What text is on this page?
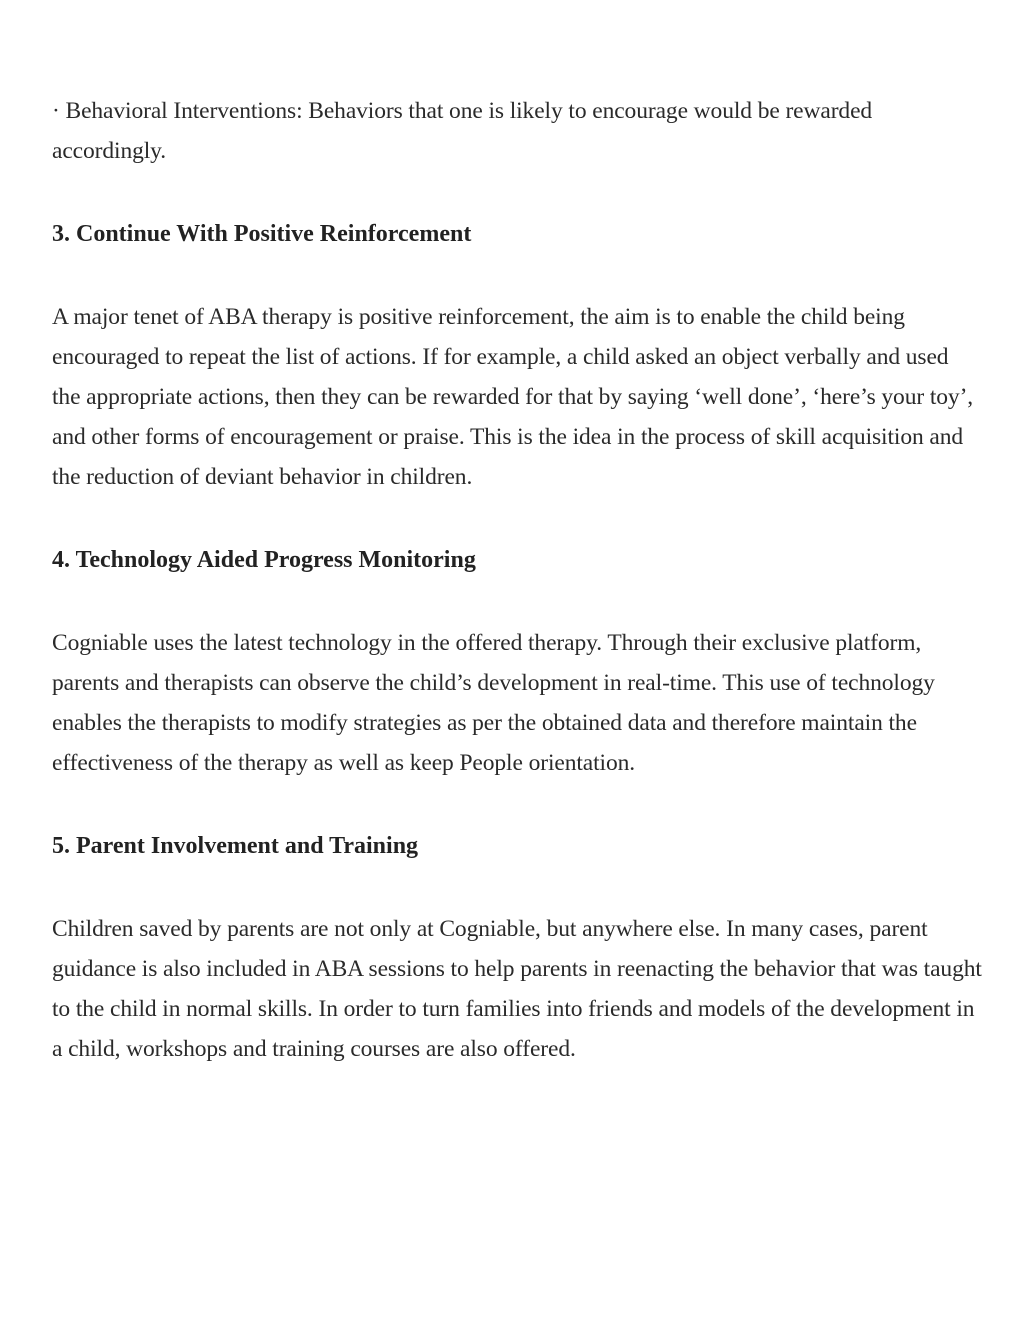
· Behavioral Interventions: Behaviors that one is likely to encourage would be rewarded accordingly.

3. Continue With Positive Reinforcement

A major tenet of ABA therapy is positive reinforcement, the aim is to enable the child being encouraged to repeat the list of actions. If for example, a child asked an object verbally and used the appropriate actions, then they can be rewarded for that by saying ‘well done’, ‘here’s your toy’, and other forms of encouragement or praise. This is the idea in the process of skill acquisition and the reduction of deviant behavior in children.

4. Technology Aided Progress Monitoring

Cogniable uses the latest technology in the offered therapy. Through their exclusive platform, parents and therapists can observe the child’s development in real-time. This use of technology enables the therapists to modify strategies as per the obtained data and therefore maintain the effectiveness of the therapy as well as keep People orientation.

5. Parent Involvement and Training

Children saved by parents are not only at Cogniable, but anywhere else. In many cases, parent guidance is also included in ABA sessions to help parents in reenacting the behavior that was taught to the child in normal skills. In order to turn families into friends and models of the development in a child, workshops and training courses are also offered.
